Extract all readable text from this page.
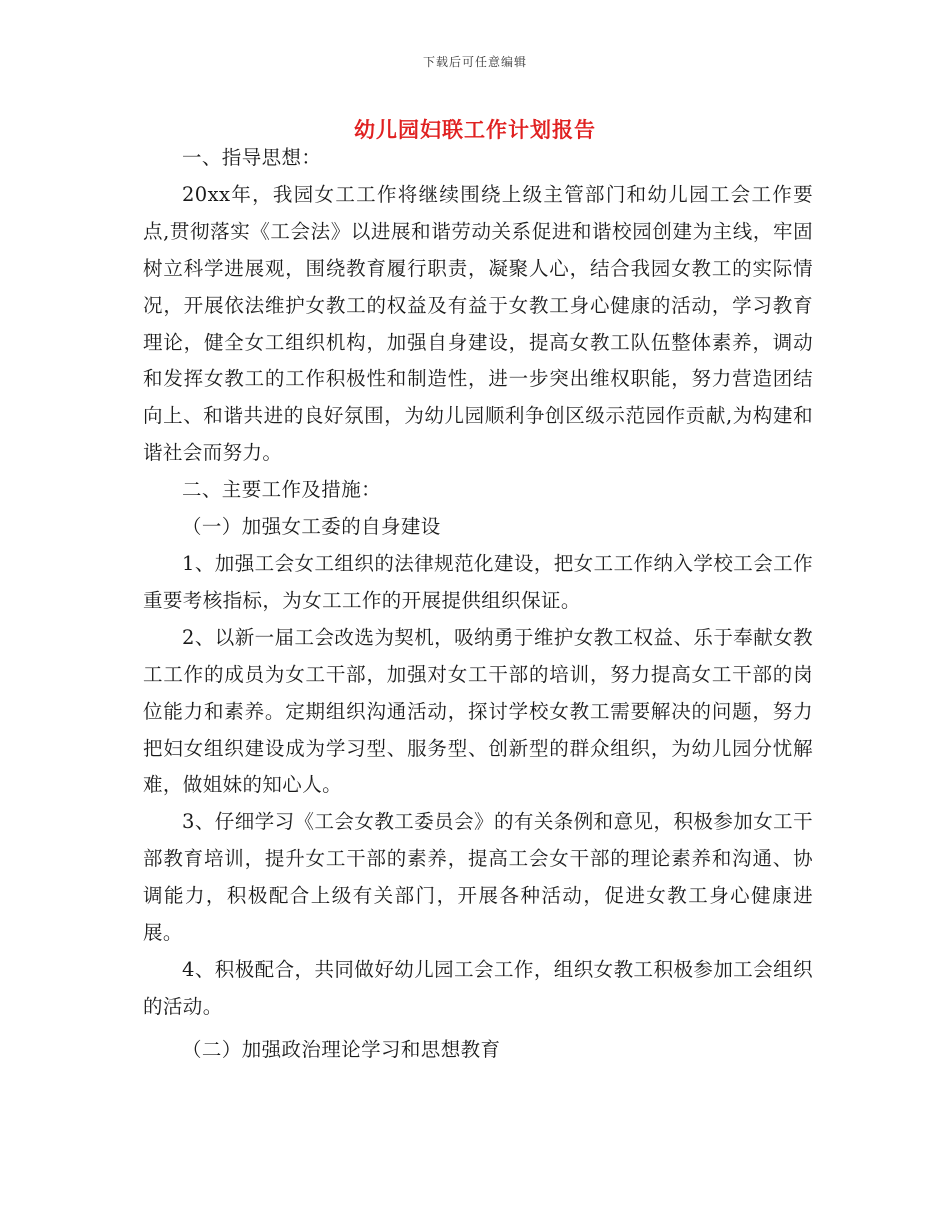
下载后可任意编辑
幼儿园妇联工作计划报告

一、指导思想：

20xx年，我园女工工作将继续围绕上级主管部门和幼儿园工会工作要点,贯彻落实《工会法》以进展和谐劳动关系促进和谐校园创建为主线，牢固树立科学进展观，围绕教育履行职责，凝聚人心，结合我园女教工的实际情况，开展依法维护女教工的权益及有益于女教工身心健康的活动，学习教育理论，健全女工组织机构，加强自身建设，提高女教工队伍整体素养，调动和发挥女教工的工作积极性和制造性，进一步突出维权职能，努力营造团结向上、和谐共进的良好氛围，为幼儿园顺利争创区级示范园作贡献,为构建和谐社会而努力。

二、主要工作及措施：

（一）加强女工委的自身建设

1、加强工会女工组织的法律规范化建设，把女工工作纳入学校工会工作重要考核指标，为女工工作的开展提供组织保证。

2、以新一届工会改选为契机，吸纳勇于维护女教工权益、乐于奉献女教工工作的成员为女工干部，加强对女工干部的培训，努力提高女工干部的岗位能力和素养。定期组织沟通活动，探讨学校女教工需要解决的问题，努力把妇女组织建设成为学习型、服务型、创新型的群众组织，为幼儿园分忧解难，做姐妹的知心人。

3、仔细学习《工会女教工委员会》的有关条例和意见，积极参加女工干部教育培训，提升女工干部的素养，提高工会女干部的理论素养和沟通、协调能力，积极配合上级有关部门，开展各种活动，促进女教工身心健康进展。

4、积极配合，共同做好幼儿园工会工作，组织女教工积极参加工会组织的活动。

（二）加强政治理论学习和思想教育
